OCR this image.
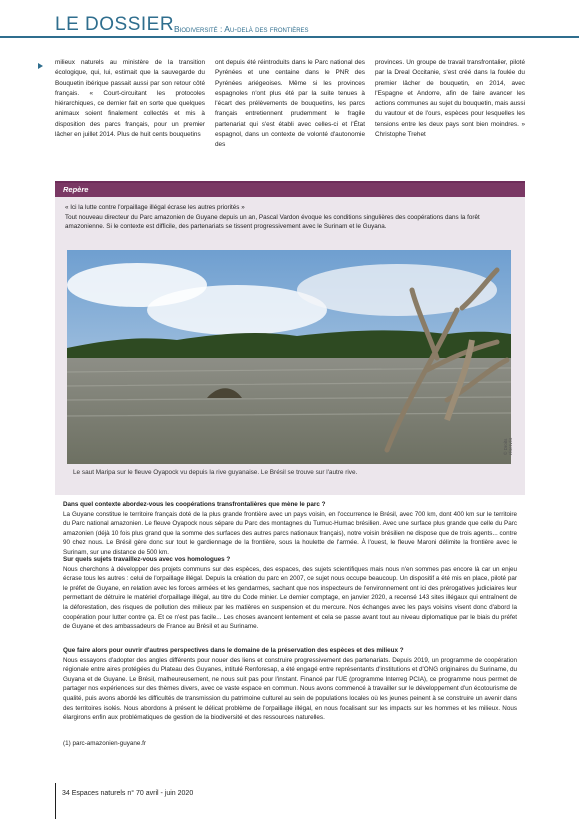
LE DOSSIER Biodiversité : Au-delà des frontières
milieux naturels au ministère de la transition écologique, qui, lui, estimait que la sauvegarde du Bouquetin ibérique passait aussi par son retour côté français. « Court-circuitant les protocoles hiérarchiques, ce dernier fait en sorte que quelques animaux soient finalement collectés et mis à disposition des parcs français, pour un premier lâcher en juillet 2014. Plus de huit cents bouquetins
ont depuis été réintroduits dans le Parc national des Pyrénées et une centaine dans le PNR des Pyrénées ariégeoises. Même si les provinces espagnoles n'ont plus été par la suite tenues à l'écart des prélèvements de bouquetins, les parcs français entretiennent prudemment le fragile partenariat qui s'est établi avec celles-ci et l'État espagnol, dans un contexte de volonté d'autonomie des
provinces. Un groupe de travail transfrontalier, piloté par la Dreal Occitanie, s'est créé dans la foulée du premier lâcher de bouquetin, en 2014, avec l'Espagne et Andorre, afin de faire avancer les actions communes au sujet du bouquetin, mais aussi du vautour et de l'ours, espèces pour lesquelles les tensions entre les deux pays sont bien moindres. » Christophe Trehet
Repère
« Ici la lutte contre l'orpaillage illégal écrase les autres priorités »
Tout nouveau directeur du Parc amazonien de Guyane depuis un an, Pascal Vardon évoque les conditions singulières des coopérations dans la forêt amazonienne. Si le contexte est difficile, des partenariats se tissent progressivement avec le Surinam et le Guyana.
Le saut Maripa sur le fleuve Oyapock vu depuis la rive guyanaise. Le Brésil se trouve sur l'autre rive.
© Droits réservés

Dans quel contexte abordez-vous les coopérations transfrontalières que mène le parc ?

La Guyane constitue le territoire français doté de la plus grande frontière avec un pays voisin, en l'occurrence le Brésil, avec 700 km, dont 400 km sur le territoire du Parc national amazonien. Le fleuve Oyapock nous sépare du Parc des montagnes du Tumuc-Humac brésilien. Avec une surface plus grande que celle du Parc amazonien (déjà 10 fois plus grand que la somme des surfaces des autres parcs nationaux français), notre voisin brésilien ne dispose que de trois agents... contre 90 chez nous. Le Brésil gère donc sur tout le gardiennage de la frontière, sous la houlette de l'armée. À l'ouest, le fleuve Maroni délimite la frontière avec le Surinam, sur une distance de 500 km.

Sur quels sujets travaillez-vous avec vos homologues ?

Nous cherchons à développer des projets communs sur des espèces, des espaces, des sujets scientifiques mais nous n'en sommes pas encore là car un enjeu écrase tous les autres : celui de l'orpaillage illégal. Depuis la création du parc en 2007, ce sujet nous occupe beaucoup. Un dispositif a été mis en place, piloté par le préfet de Guyane, en relation avec les forces armées et les gendarmes, sachant que nos inspecteurs de l'environnement ont ici des prérogatives judiciaires leur permettant de détruire le matériel d'orpaillage illégal, au titre du Code minier. Le dernier comptage, en janvier 2020, a recensé 143 sites illégaux qui entraînent de la déforestation, des risques de pollution des milieux par les matières en suspension et du mercure. Nos échanges avec les pays voisins visent donc d'abord la coopération pour lutter contre ça. Et ce n'est pas facile... Les choses avancent lentement et cela se passe avant tout au niveau diplomatique par le biais du préfet de Guyane et des ambassadeurs de France au Brésil et au Suriname.

Que faire alors pour ouvrir d'autres perspectives dans le domaine de la préservation des espèces et des milieux ?

Nous essayons d'adopter des angles différents pour nouer des liens et construire progressivement des partenariats. Depuis 2019, un programme de coopération régionale entre aires protégées du Plateau des Guyanes, intitulé Renforesap, a été engagé entre représentants d'institutions et d'ONG originaires du Suriname, du Guyana et de Guyane. Le Brésil, malheureusement, ne nous suit pas pour l'instant. Financé par l'UE (programme Interreg PCIA), ce programme nous permet de partager nos expériences sur des thèmes divers, avec ce vaste espace en commun. Nous avons commencé à travailler sur le développement d'un écotourisme de qualité, puis avons abordé les difficultés de transmission du patrimoine culturel au sein de populations locales où les jeunes peinent à se construire un avenir dans des territoires isolés. Nous abordons à présent le délicat problème de l'orpaillage illégal, en nous focalisant sur les impacts sur les hommes et les milieux. Nous élargirons enfin aux problématiques de gestion de la biodiversité et des ressources naturelles.

(1) parc-amazonien-guyane.fr
34 Espaces naturels n° 70 avril - juin 2020
